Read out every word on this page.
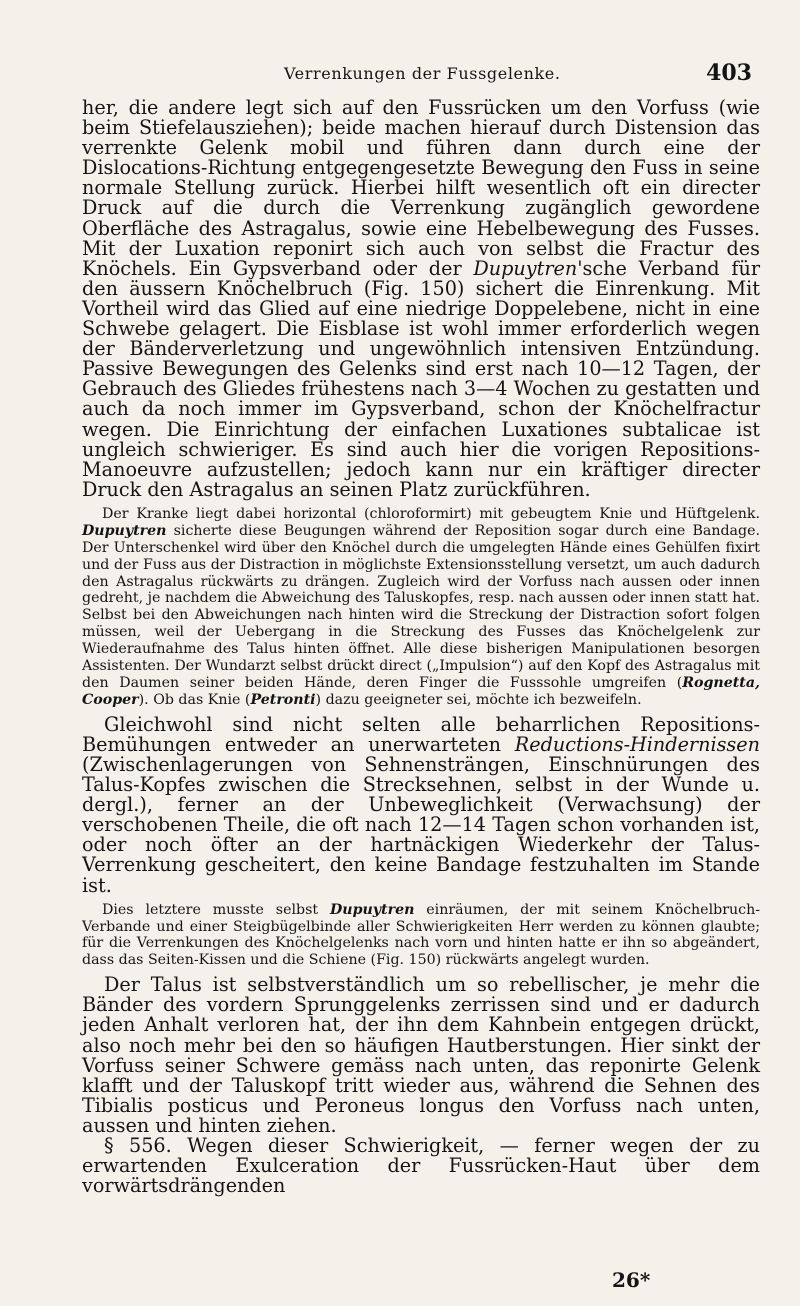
Verrenkungen der Fussgelenke.	403

her, die andere legt sich auf den Fussrücken um den Vorfuss (wie beim Stiefelausziehen); beide machen hierauf durch Distension das verrenkte Gelenk mobil und führen dann durch eine der Dislocations-Richtung entgegengesetzte Bewegung den Fuss in seine normale Stellung zurück. Hierbei hilft wesentlich oft ein directer Druck auf die durch die Verrenkung zugänglich gewordene Oberfläche des Astragalus, sowie eine Hebelbewegung des Fusses. Mit der Luxation reponirt sich auch von selbst die Fractur des Knöchels. Ein Gypsverband oder der Dupuytren'sche Verband für den äussern Knöchelbruch (Fig. 150) sichert die Einrenkung. Mit Vortheil wird das Glied auf eine niedrige Doppelebene, nicht in eine Schwebe gelagert. Die Eisblase ist wohl immer erforderlich wegen der Bänderverletzung und ungewöhnlich intensiven Entzündung. Passive Bewegungen des Gelenks sind erst nach 10—12 Tagen, der Gebrauch des Gliedes frühestens nach 3—4 Wochen zu gestatten und auch da noch immer im Gypsverband, schon der Knöchelfractur wegen. Die Einrichtung der einfachen Luxationes subtalicae ist ungleich schwieriger. Es sind auch hier die vorigen Repositions-Manoeuvre aufzustellen; jedoch kann nur ein kräftiger directer Druck den Astragalus an seinen Platz zurückführen.

Der Kranke liegt dabei horizontal (chloroformirt) mit gebeugtem Knie und Hüftgelenk. Dupuytren sicherte diese Beugungen während der Reposition sogar durch eine Bandage. Der Unterschenkel wird über den Knöchel durch die umgelegten Hände eines Gehülfen fixirt und der Fuss aus der Distraction in möglichste Extensionsstellung versetzt, um auch dadurch den Astragalus rückwärts zu drängen. Zugleich wird der Vorfuss nach aussen oder innen gedreht, je nachdem die Abweichung des Taluskopfes, resp. nach aussen oder innen statt hat. Selbst bei den Abweichungen nach hinten wird die Streckung der Distraction sofort folgen müssen, weil der Uebergang in die Streckung des Fusses das Knöchelgelenk zur Wiederaufnahme des Talus hinten öffnet. Alle diese bisherigen Manipulationen besorgen Assistenten. Der Wundarzt selbst drückt direct („Impulsion“) auf den Kopf des Astragalus mit den Daumen seiner beiden Hände, deren Finger die Fusssohle umgreifen (Rognetta, Cooper). Ob das Knie (Petronti) dazu geeigneter sei, möchte ich bezweifeln.

Gleichwohl sind nicht selten alle beharrlichen Repositions-Bemühungen entweder an unerwarteten Reductions-Hindernissen (Zwischenlagerungen von Sehnensträngen, Einschnürungen des Talus-Kopfes zwischen die Strecksehnen, selbst in der Wunde u. dergl.), ferner an der Unbeweglichkeit (Verwachsung) der verschobenen Theile, die oft nach 12—14 Tagen schon vorhanden ist, oder noch öfter an der hartnäckigen Wiederkehr der Talus-Verrenkung gescheitert, den keine Bandage festzuhalten im Stande ist.

Dies letztere musste selbst Dupuytren einräumen, der mit seinem Knöchelbruch-Verbande und einer Steigbügelbinde aller Schwierigkeiten Herr werden zu können glaubte; für die Verrenkungen des Knöchelgelenks nach vorn und hinten hatte er ihn so abgeändert, dass das Seiten-Kissen und die Schiene (Fig. 150) rückwärts angelegt wurden.

Der Talus ist selbstverständlich um so rebellischer, je mehr die Bänder des vordern Sprunggelenks zerrissen sind und er dadurch jeden Anhalt verloren hat, der ihn dem Kahnbein entgegen drückt, also noch mehr bei den so häufigen Hautberstungen. Hier sinkt der Vorfuss seiner Schwere gemäss nach unten, das reponirte Gelenk klafft und der Taluskopf tritt wieder aus, während die Sehnen des Tibialis posticus und Peroneus longus den Vorfuss nach unten, aussen und hinten ziehen.

§ 556. Wegen dieser Schwierigkeit, — ferner wegen der zu erwartenden Exulceration der Fussrücken-Haut über dem vorwärtsdrängenden

26*
